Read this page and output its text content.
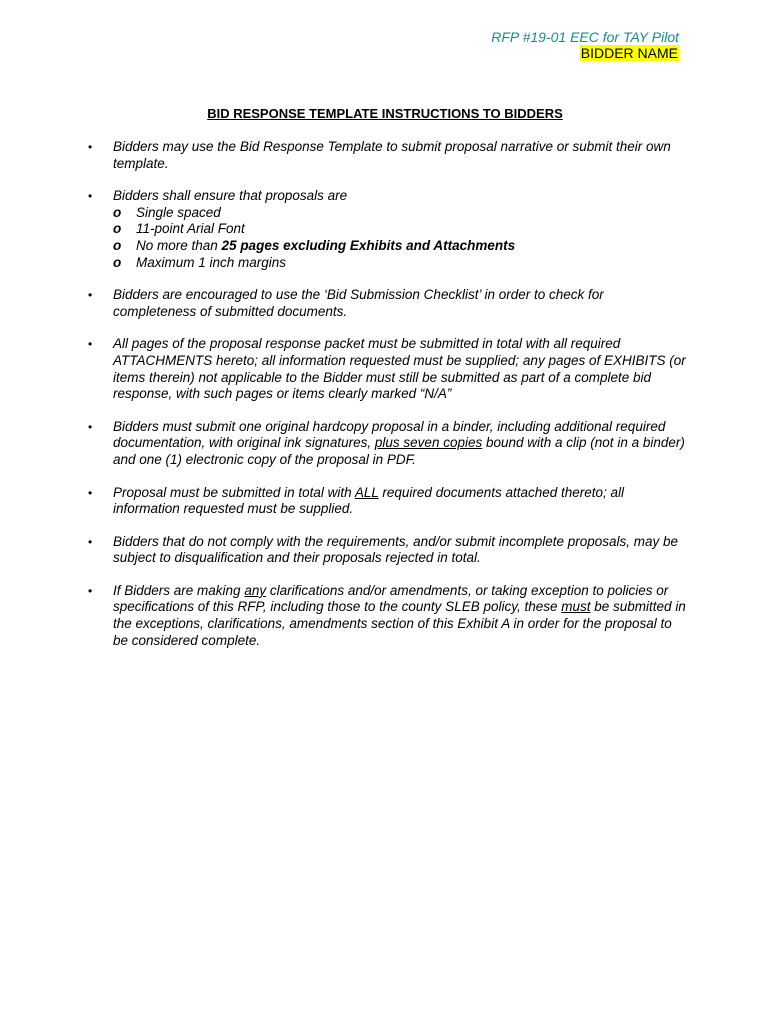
RFP #19-01 EEC for TAY Pilot
BIDDER NAME
BID RESPONSE TEMPLATE INSTRUCTIONS TO BIDDERS
• Bidders may use the Bid Response Template to submit proposal narrative or submit their own template.
• Bidders shall ensure that proposals are
o Single spaced
o 11-point Arial Font
o No more than 25 pages excluding Exhibits and Attachments
o Maximum 1 inch margins
• Bidders are encouraged to use the ‘Bid Submission Checklist’ in order to check for completeness of submitted documents.
• All pages of the proposal response packet must be submitted in total with all required ATTACHMENTS hereto; all information requested must be supplied; any pages of EXHIBITS (or items therein) not applicable to the Bidder must still be submitted as part of a complete bid response, with such pages or items clearly marked “N/A”
• Bidders must submit one original hardcopy proposal in a binder, including additional required documentation, with original ink signatures, plus seven copies bound with a clip (not in a binder) and one (1) electronic copy of the proposal in PDF.
• Proposal must be submitted in total with ALL required documents attached thereto; all information requested must be supplied.
• Bidders that do not comply with the requirements, and/or submit incomplete proposals, may be subject to disqualification and their proposals rejected in total.
• If Bidders are making any clarifications and/or amendments, or taking exception to policies or specifications of this RFP, including those to the county SLEB policy, these must be submitted in the exceptions, clarifications, amendments section of this Exhibit A in order for the proposal to be considered complete.
